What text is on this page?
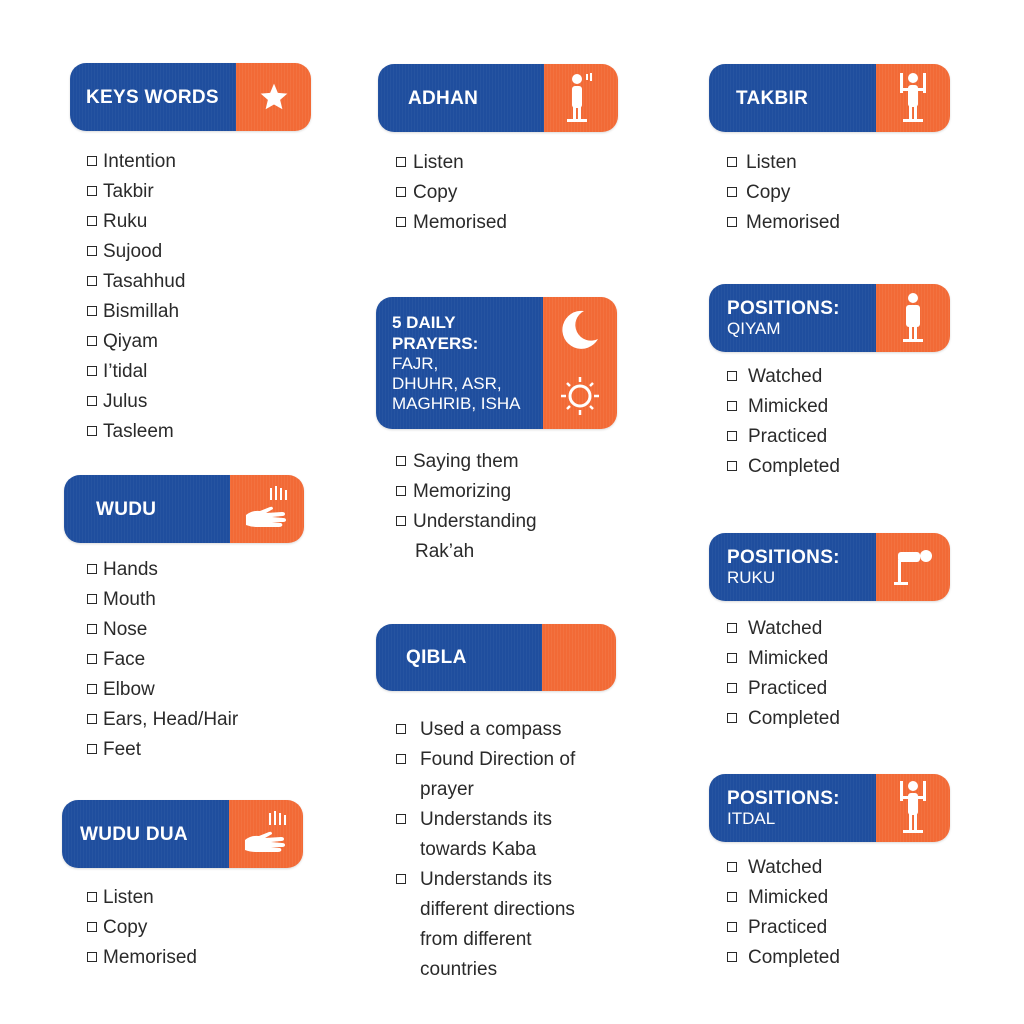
KEYS WORDS
Intention
Takbir
Ruku
Sujood
Tasahhud
Bismillah
Qiyam
I’tidal
Julus
Tasleem
WUDU
Hands
Mouth
Nose
Face
Elbow
Ears, Head/Hair
Feet
WUDU DUA
Listen
Copy
Memorised
ADHAN
Listen
Copy
Memorised
5 DAILY
PRAYERS:
FAJR,
DHUHR, ASR,
MAGHRIB, ISHA
Saying them
Memorizing
Understanding
Rak’ah
QIBLA
Used a compass
Found Direction of
prayer
Understands its
towards Kaba
Understands its
different directions
from different
countries
TAKBIR
Listen
Copy
Memorised
POSITIONS:
QIYAM
Watched
Mimicked
Practiced
Completed
POSITIONS:
RUKU
Watched
Mimicked
Practiced
Completed
POSITIONS:
ITDAL
Watched
Mimicked
Practiced
Completed
